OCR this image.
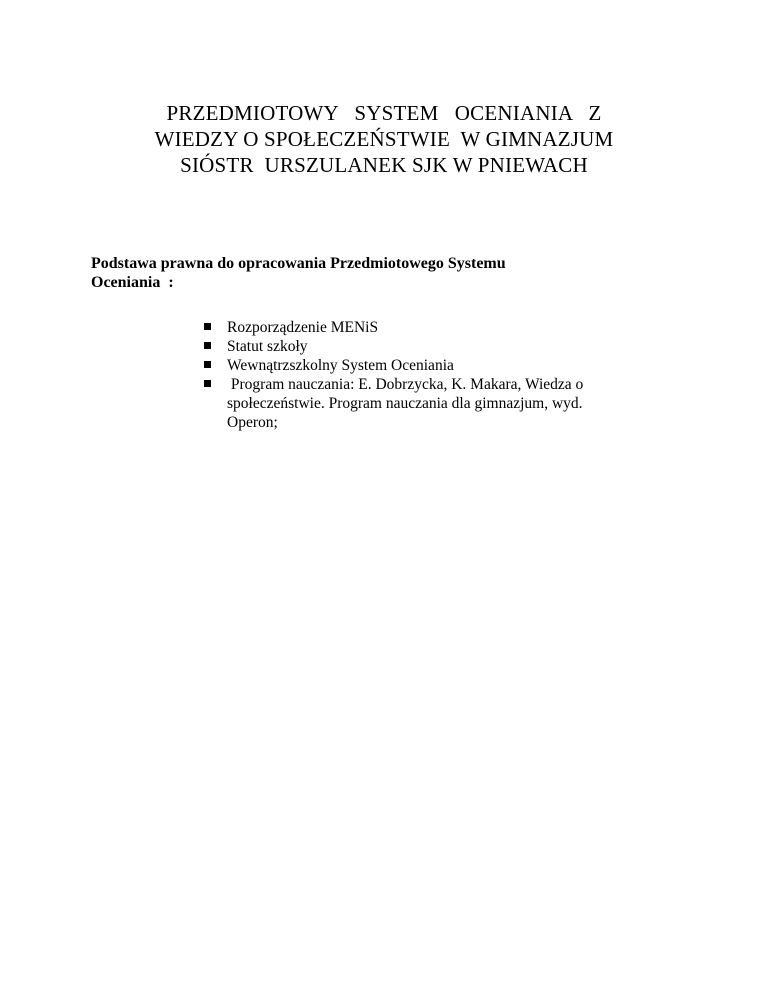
PRZEDMIOTOWY   SYSTEM   OCENIANIA   Z
WIEDZY O SPOŁECZEŃSTWIE  W GIMNAZJUM
SIÓSTR  URSZULANEK SJK W PNIEWACH
Podstawa prawna do opracowania Przedmiotowego Systemu
Oceniania  :
Rozporządzenie MENiS
Statut szkoły
Wewnątrzszkolny System Oceniania
Program nauczania: E. Dobrzycka, K. Makara, Wiedza o
społeczeństwie. Program nauczania dla gimnazjum, wyd.
Operon;
